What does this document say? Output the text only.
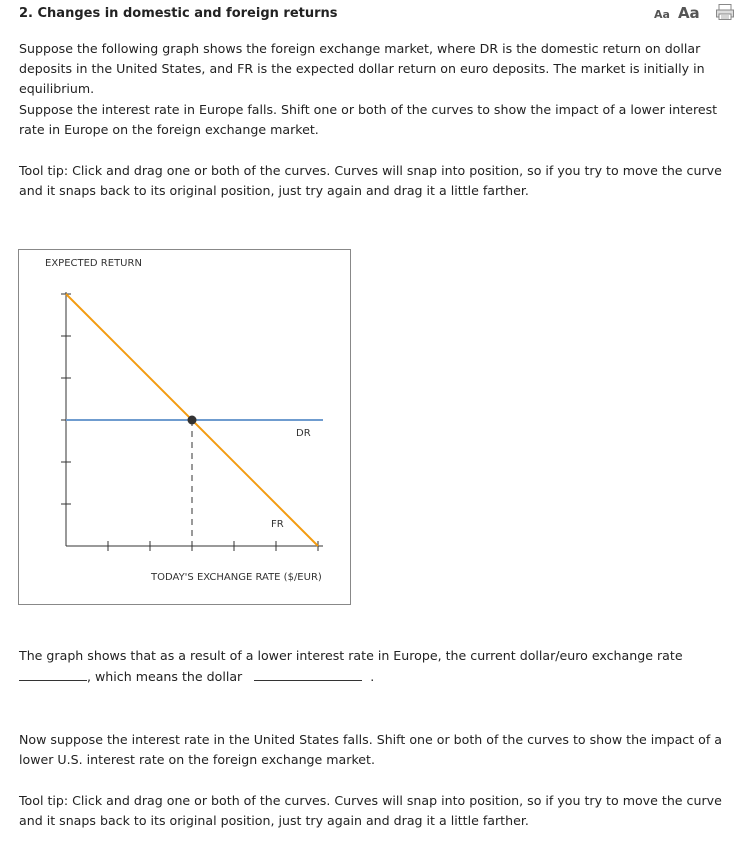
2. Changes in domestic and foreign returns	Aa Aa

Suppose the following graph shows the foreign exchange market, where DR is the domestic return on dollar deposits in the United States, and FR is the expected dollar return on euro deposits. The market is initially in equilibrium.

Suppose the interest rate in Europe falls. Shift one or both of the curves to show the impact of a lower interest rate in Europe on the foreign exchange market.

Tool tip: Click and drag one or both of the curves. Curves will snap into position, so if you try to move the curve and it snaps back to its original position, just try again and drag it a little farther.

EXPECTED RETURN
DR
FR
TODAY'S EXCHANGE RATE ($/EUR)

The graph shows that as a result of a lower interest rate in Europe, the current dollar/euro exchange rate
, which means the dollar	.

Now suppose the interest rate in the United States falls. Shift one or both of the curves to show the impact of a lower U.S. interest rate on the foreign exchange market.

Tool tip: Click and drag one or both of the curves. Curves will snap into position, so if you try to move the curve and it snaps back to its original position, just try again and drag it a little farther.
